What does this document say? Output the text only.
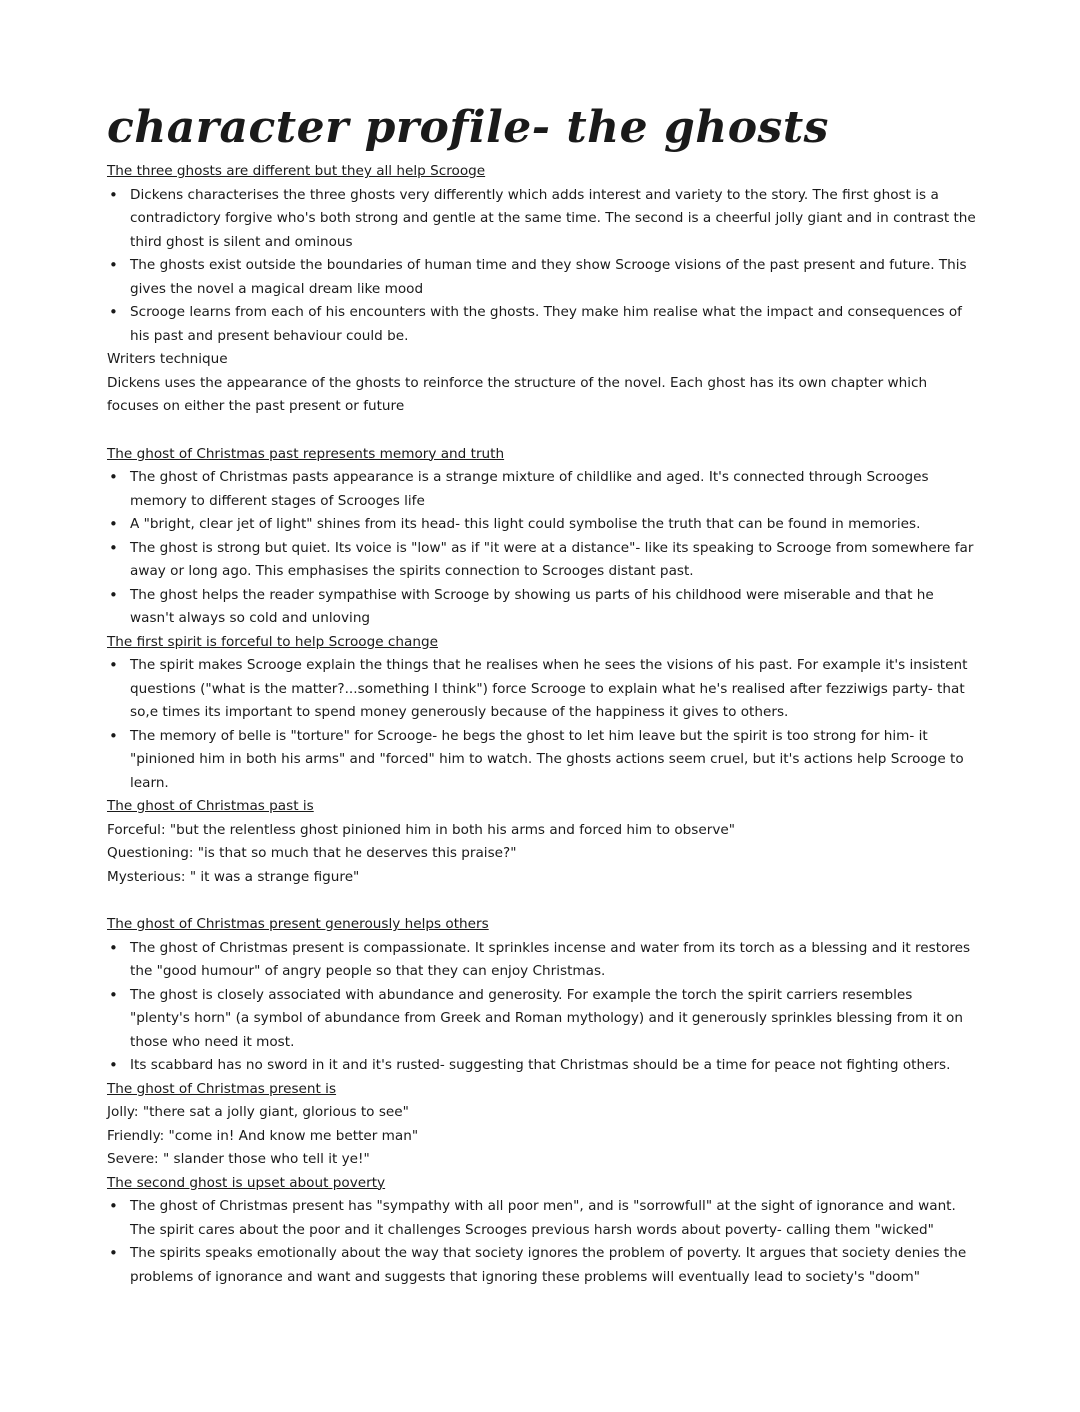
character profile- the ghosts
The three ghosts are different but they all help Scrooge
• Dickens characterises the three ghosts very differently which adds interest and variety to the story. The first ghost is a contradictory forgive who's both strong and gentle at the same time. The second is a cheerful jolly giant and in contrast the third ghost is silent and ominous
• The ghosts exist outside the boundaries of human time and they show Scrooge visions of the past present and future. This gives the novel a magical dream like mood
• Scrooge learns from each of his encounters with the ghosts. They make him realise what the impact and consequences of his past and present behaviour could be.
Writers technique
Dickens uses the appearance of the ghosts to reinforce the structure of the novel. Each ghost has its own chapter which focuses on either the past present or future
The ghost of Christmas past represents memory and truth
• The ghost of Christmas pasts appearance is a strange mixture of childlike and aged. It's connected through Scrooges memory to different stages of Scrooges life
• A "bright, clear jet of light" shines from its head- this light could symbolise the truth that can be found in memories.
• The ghost is strong but quiet. Its voice is "low" as if "it were at a distance"- like its speaking to Scrooge from somewhere far away or long ago. This emphasises the spirits connection to Scrooges distant past.
• The ghost helps the reader sympathise with Scrooge by showing us parts of his childhood were miserable and that he wasn't always so cold and unloving
The first spirit is forceful to help Scrooge change
• The spirit makes Scrooge explain the things that he realises when he sees the visions of his past. For example it's insistent questions ("what is the matter?...something I think") force Scrooge to explain what he's realised after fezziwigs party- that so,e times its important to spend money generously because of the happiness it gives to others.
• The memory of belle is "torture" for Scrooge- he begs the ghost to let him leave but the spirit is too strong for him- it "pinioned him in both his arms" and "forced" him to watch. The ghosts actions seem cruel, but it's actions help Scrooge to learn.
The ghost of Christmas past is
Forceful: "but the relentless ghost pinioned him in both his arms and forced him to observe"
Questioning: "is that so much that he deserves this praise?"
Mysterious: " it was a strange figure"
The ghost of Christmas present generously helps others
• The ghost of Christmas present is compassionate. It sprinkles incense and water from its torch as a blessing and it restores the "good humour" of angry people so that they can enjoy Christmas.
• The ghost is closely associated with abundance and generosity. For example the torch the spirit carriers resembles "plenty's horn" (a symbol of abundance from Greek and Roman mythology) and it generously sprinkles blessing from it on those who need it most.
• Its scabbard has no sword in it and it's rusted- suggesting that Christmas should be a time for peace not fighting others.
The ghost of Christmas present is
Jolly: "there sat a jolly giant, glorious to see"
Friendly: "come in! And know me better man"
Severe: " slander those who tell it ye!"
The second ghost is upset about poverty
• The ghost of Christmas present has "sympathy with all poor men", and is "sorrowfull" at the sight of ignorance and want. The spirit cares about the poor and it challenges Scrooges previous harsh words about poverty- calling them "wicked"
• The spirits speaks emotionally about the way that society ignores the problem of poverty. It argues that society denies the problems of ignorance and want and suggests that ignoring these problems will eventually lead to society's "doom"
